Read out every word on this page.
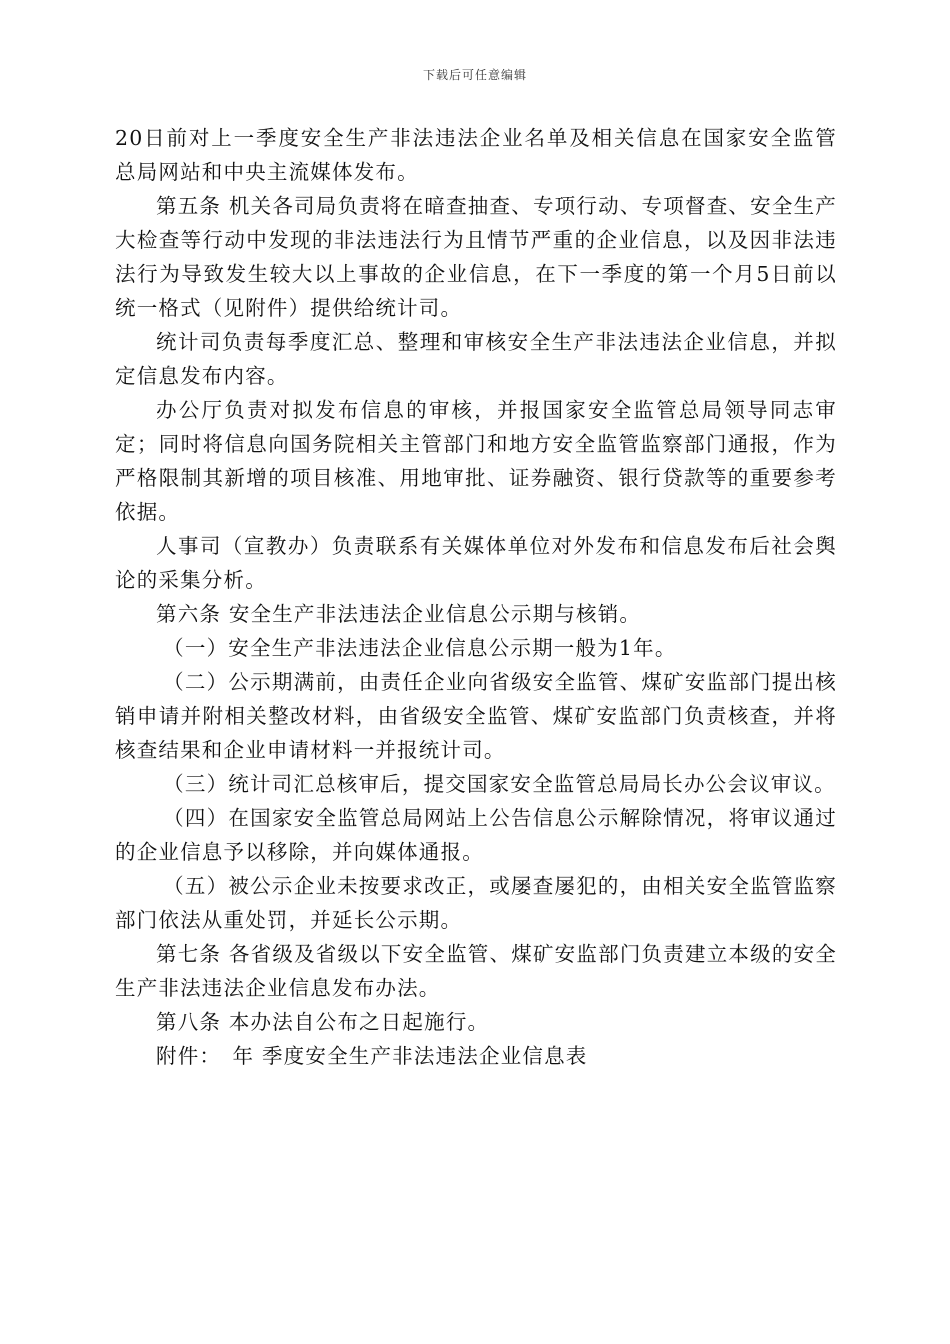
下载后可任意编辑

20日前对上一季度安全生产非法违法企业名单及相关信息在国家安全监管总局网站和中央主流媒体发布。

第五条 机关各司局负责将在暗查抽查、专项行动、专项督查、安全生产大检查等行动中发现的非法违法行为且情节严重的企业信息，以及因非法违法行为导致发生较大以上事故的企业信息，在下一季度的第一个月5日前以统一格式（见附件）提供给统计司。

统计司负责每季度汇总、整理和审核安全生产非法违法企业信息，并拟定信息发布内容。

办公厅负责对拟发布信息的审核，并报国家安全监管总局领导同志审定；同时将信息向国务院相关主管部门和地方安全监管监察部门通报，作为严格限制其新增的项目核准、用地审批、证券融资、银行贷款等的重要参考依据。

人事司（宣教办）负责联系有关媒体单位对外发布和信息发布后社会舆论的采集分析。

第六条 安全生产非法违法企业信息公示期与核销。

（一）安全生产非法违法企业信息公示期一般为1年。

（二）公示期满前，由责任企业向省级安全监管、煤矿安监部门提出核销申请并附相关整改材料，由省级安全监管、煤矿安监部门负责核查，并将核查结果和企业申请材料一并报统计司。

（三）统计司汇总核审后，提交国家安全监管总局局长办公会议审议。

（四）在国家安全监管总局网站上公告信息公示解除情况，将审议通过的企业信息予以移除，并向媒体通报。

（五）被公示企业未按要求改正，或屡查屡犯的，由相关安全监管监察部门依法从重处罚，并延长公示期。

第七条 各省级及省级以下安全监管、煤矿安监部门负责建立本级的安全生产非法违法企业信息发布办法。

第八条 本办法自公布之日起施行。

附件：　年 季度安全生产非法违法企业信息表
